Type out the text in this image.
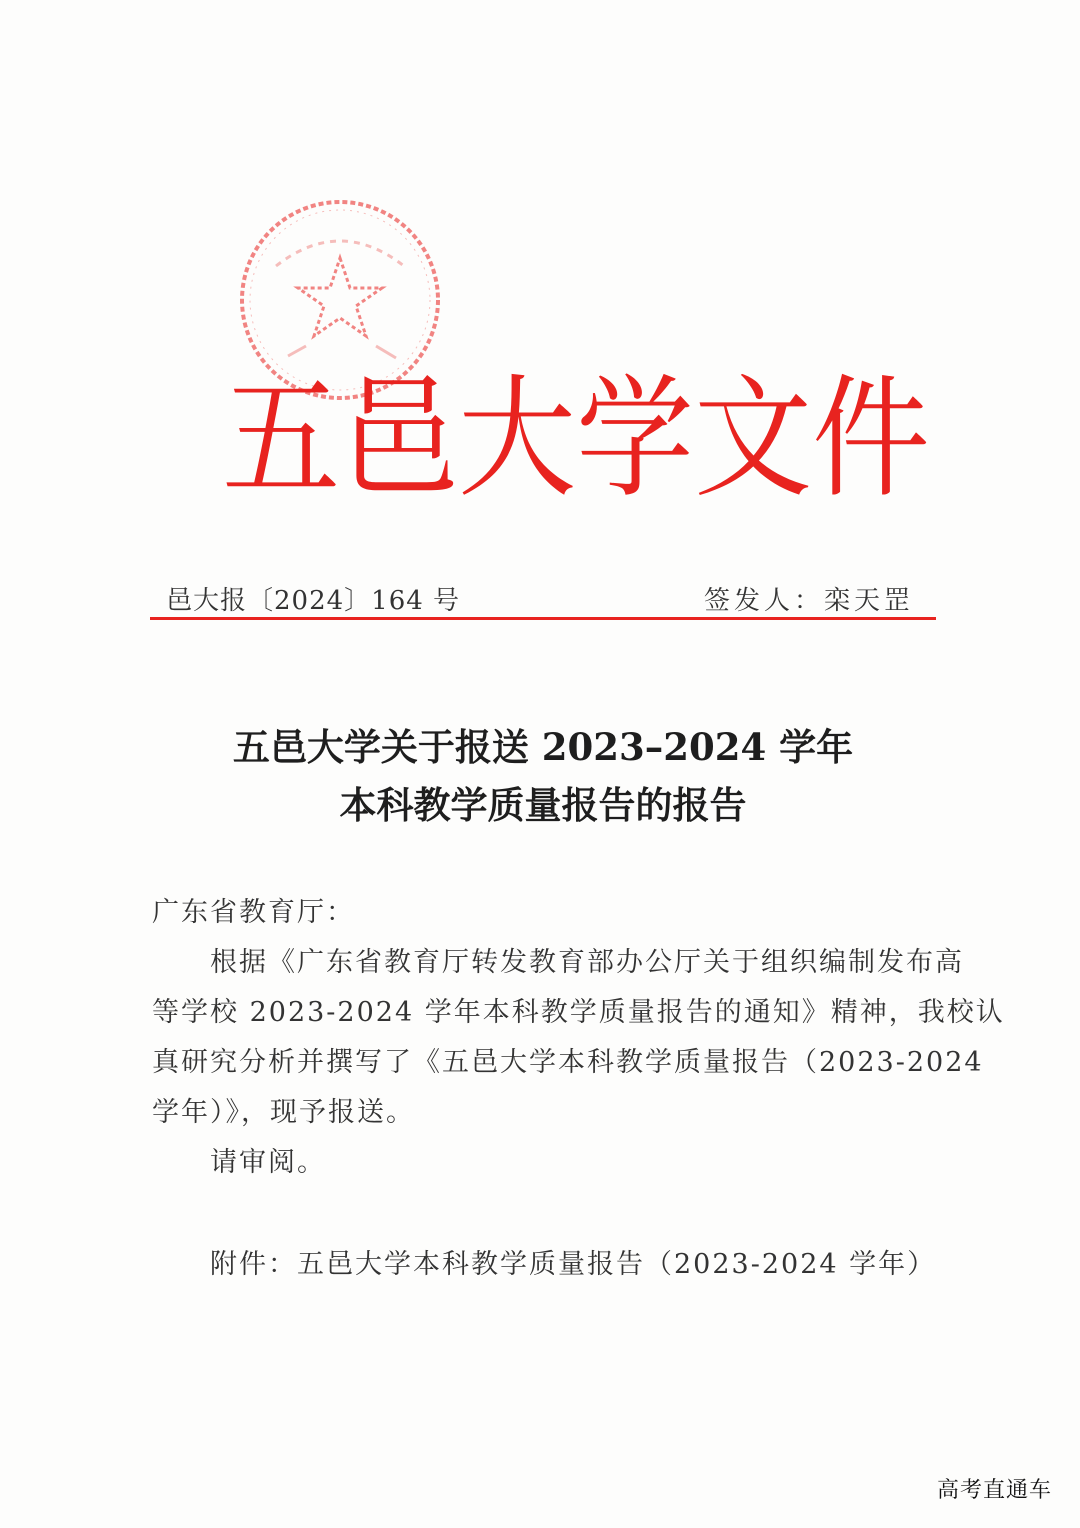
五 邑 大 学 文 件
邑大报〔2024〕164 号	签发人：栾天罡
五邑大学关于报送 2023–2024 学年
本科教学质量报告的报告
广东省教育厅：
根据《广东省教育厅转发教育部办公厅关于组织编制发布高
等学校 2023-2024 学年本科教学质量报告的通知》精神，我校认
真研究分析并撰写了《五邑大学本科教学质量报告（2023-2024
学年）》，现予报送。
请审阅。
附件：五邑大学本科教学质量报告（2023-2024 学年）
高考直通车
